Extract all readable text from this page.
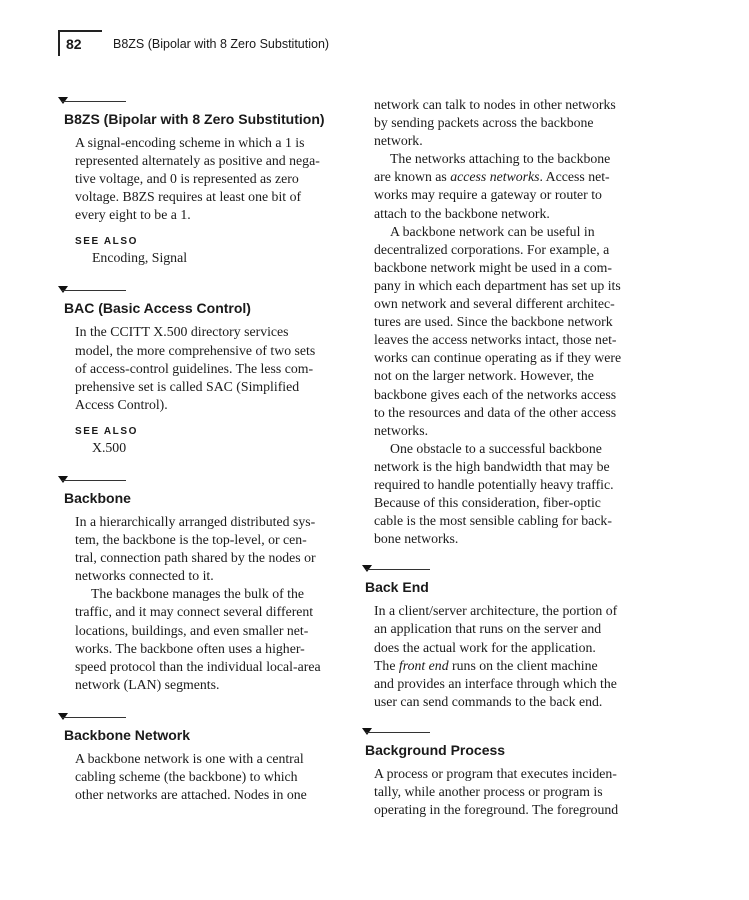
82	B8ZS (Bipolar with 8 Zero Substitution)
B8ZS (Bipolar with 8 Zero Substitution)

A signal-encoding scheme in which a 1 is

represented alternately as positive and nega-

tive voltage, and 0 is represented as zero

voltage. B8ZS requires at least one bit of

every eight to be a 1.

SEE ALSO
Encoding, Signal
BAC (Basic Access Control)

In the CCITT X.500 directory services

model, the more comprehensive of two sets

of access-control guidelines. The less com-

prehensive set is called SAC (Simplified

Access Control).

SEE ALSO
X.500
Backbone

In a hierarchically arranged distributed sys-

tem, the backbone is the top-level, or cen-

tral, connection path shared by the nodes or

networks connected to it.

The backbone manages the bulk of the

traffic, and it may connect several different

locations, buildings, and even smaller net-

works. The backbone often uses a higher-

speed protocol than the individual local-area

network (LAN) segments.

Backbone Network

A backbone network is one with a central

cabling scheme (the backbone) to which

other networks are attached. Nodes in one

network can talk to nodes in other networks

by sending packets across the backbone

network.

The networks attaching to the backbone

are known as access networks. Access net-

works may require a gateway or router to

attach to the backbone network.

A backbone network can be useful in

decentralized corporations. For example, a

backbone network might be used in a com-

pany in which each department has set up its

own network and several different architec-

tures are used. Since the backbone network

leaves the access networks intact, those net-

works can continue operating as if they were

not on the larger network. However, the

backbone gives each of the networks access

to the resources and data of the other access

networks.

One obstacle to a successful backbone

network is the high bandwidth that may be

required to handle potentially heavy traffic.

Because of this consideration, fiber-optic

cable is the most sensible cabling for back-

bone networks.

Back End

In a client/server architecture, the portion of

an application that runs on the server and

does the actual work for the application.

The front end runs on the client machine

and provides an interface through which the

user can send commands to the back end.

Background Process

A process or program that executes inciden-

tally, while another process or program is

operating in the foreground. The foreground
